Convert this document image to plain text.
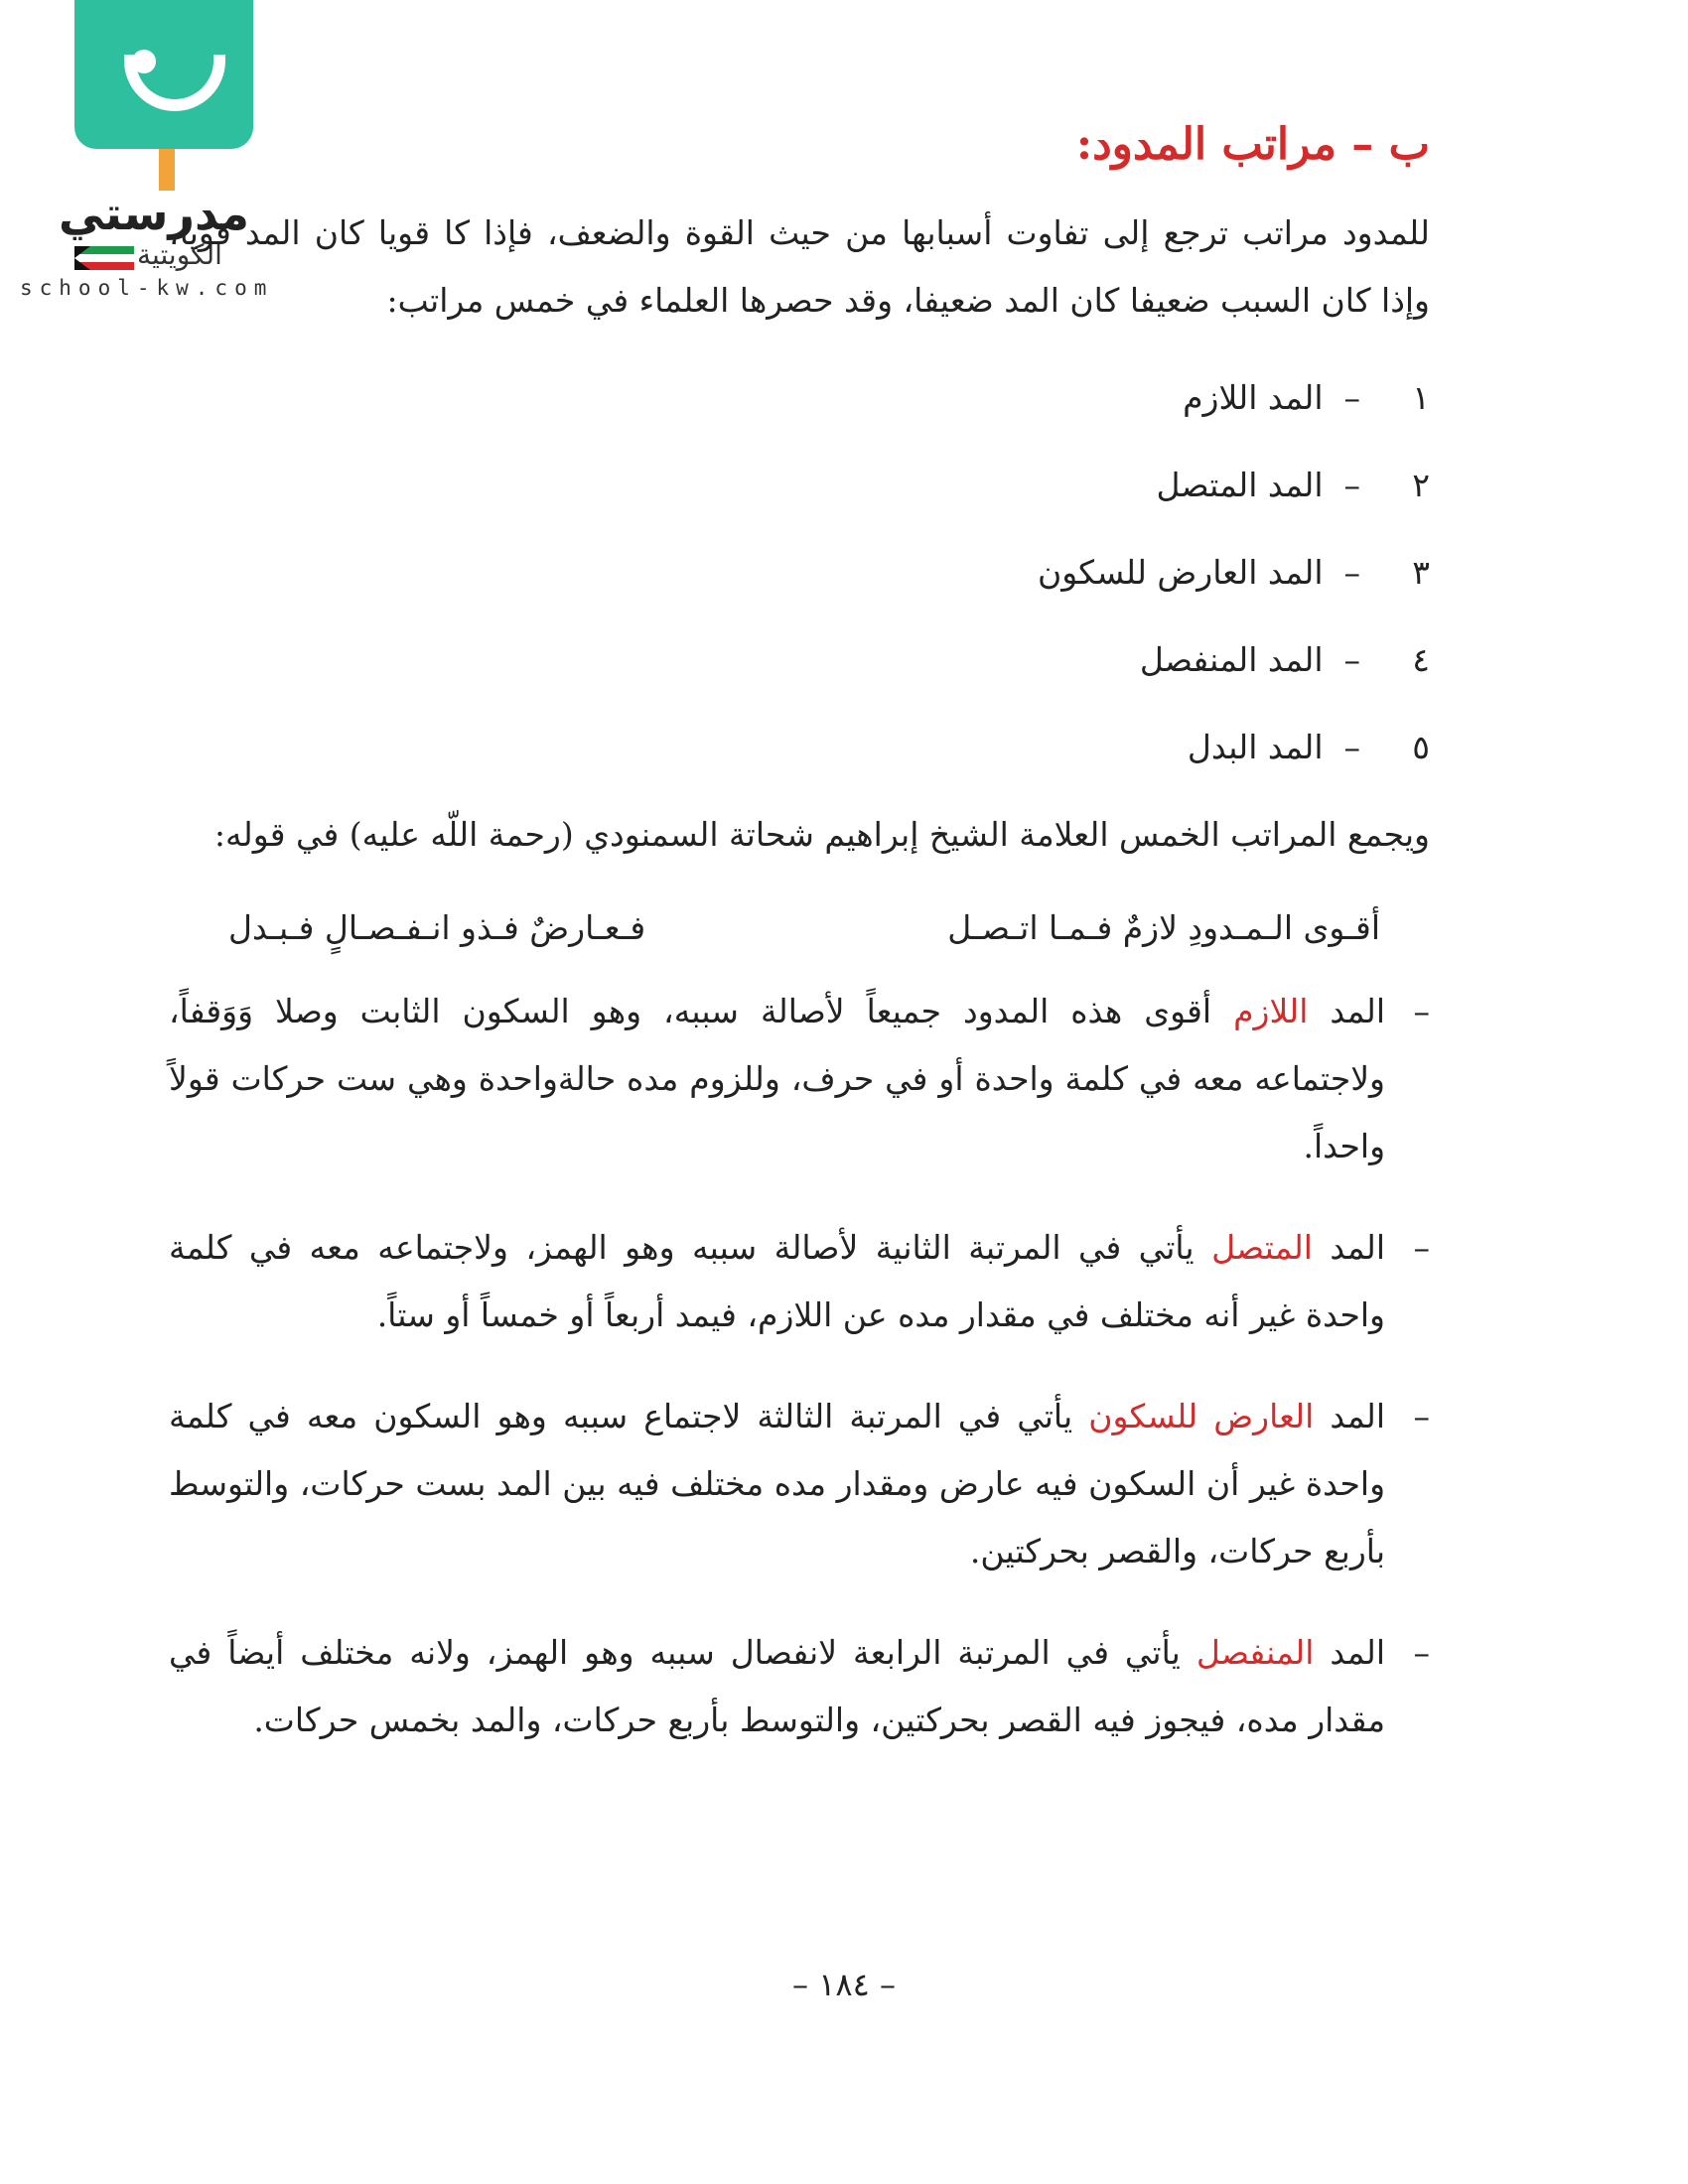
مدرستي
الكويتية
school-kw.com
ب – مراتب المدود:

للمدود مراتب ترجع إلى تفاوت أسبابها من حيث القوة والضعف، فإذا كا قويا كان المد قويا، وإذا كان السبب ضعيفا كان المد ضعيفا، وقد حصرها العلماء في خمس مراتب:

١–  المد اللازم
٢–  المد المتصل
٣–  المد العارض للسكون
٤–  المد المنفصل
٥–  المد البدل

ويجمع المراتب الخمس العلامة الشيخ إبراهيم شحاتة السمنودي (رحمة اللّه عليه) في قوله:

أقـوى الـمـدودِ لازمٌ فـمـا اتـصـل
فـعـارضٌ فـذو انـفـصـالٍ فـبـدل
–
المد اللازم أقوى هذه المدود جميعاً لأصالة سببه، وهو السكون الثابت وصلا وَوَقفاً، ولاجتماعه معه في كلمة واحدة أو في حرف، وللزوم مده حالةواحدة وهي ست حركات قولاً واحداً.
–
المد المتصل يأتي في المرتبة الثانية لأصالة سببه وهو الهمز، ولاجتماعه معه في كلمة واحدة غير أنه مختلف في مقدار مده عن اللازم، فيمد أربعاً أو خمساً أو ستاً.
–
المد العارض للسكون يأتي في المرتبة الثالثة لاجتماع سببه وهو السكون معه في كلمة واحدة غير أن السكون فيه عارض ومقدار مده مختلف فيه بين المد بست حركات، والتوسط بأربع حركات، والقصر بحركتين.
–
المد المنفصل يأتي في المرتبة الرابعة لانفصال سببه وهو الهمز، ولانه مختلف أيضاً في مقدار مده، فيجوز فيه القصر بحركتين، والتوسط بأربع حركات، والمد بخمس حركات.
– ١٨٤ –
